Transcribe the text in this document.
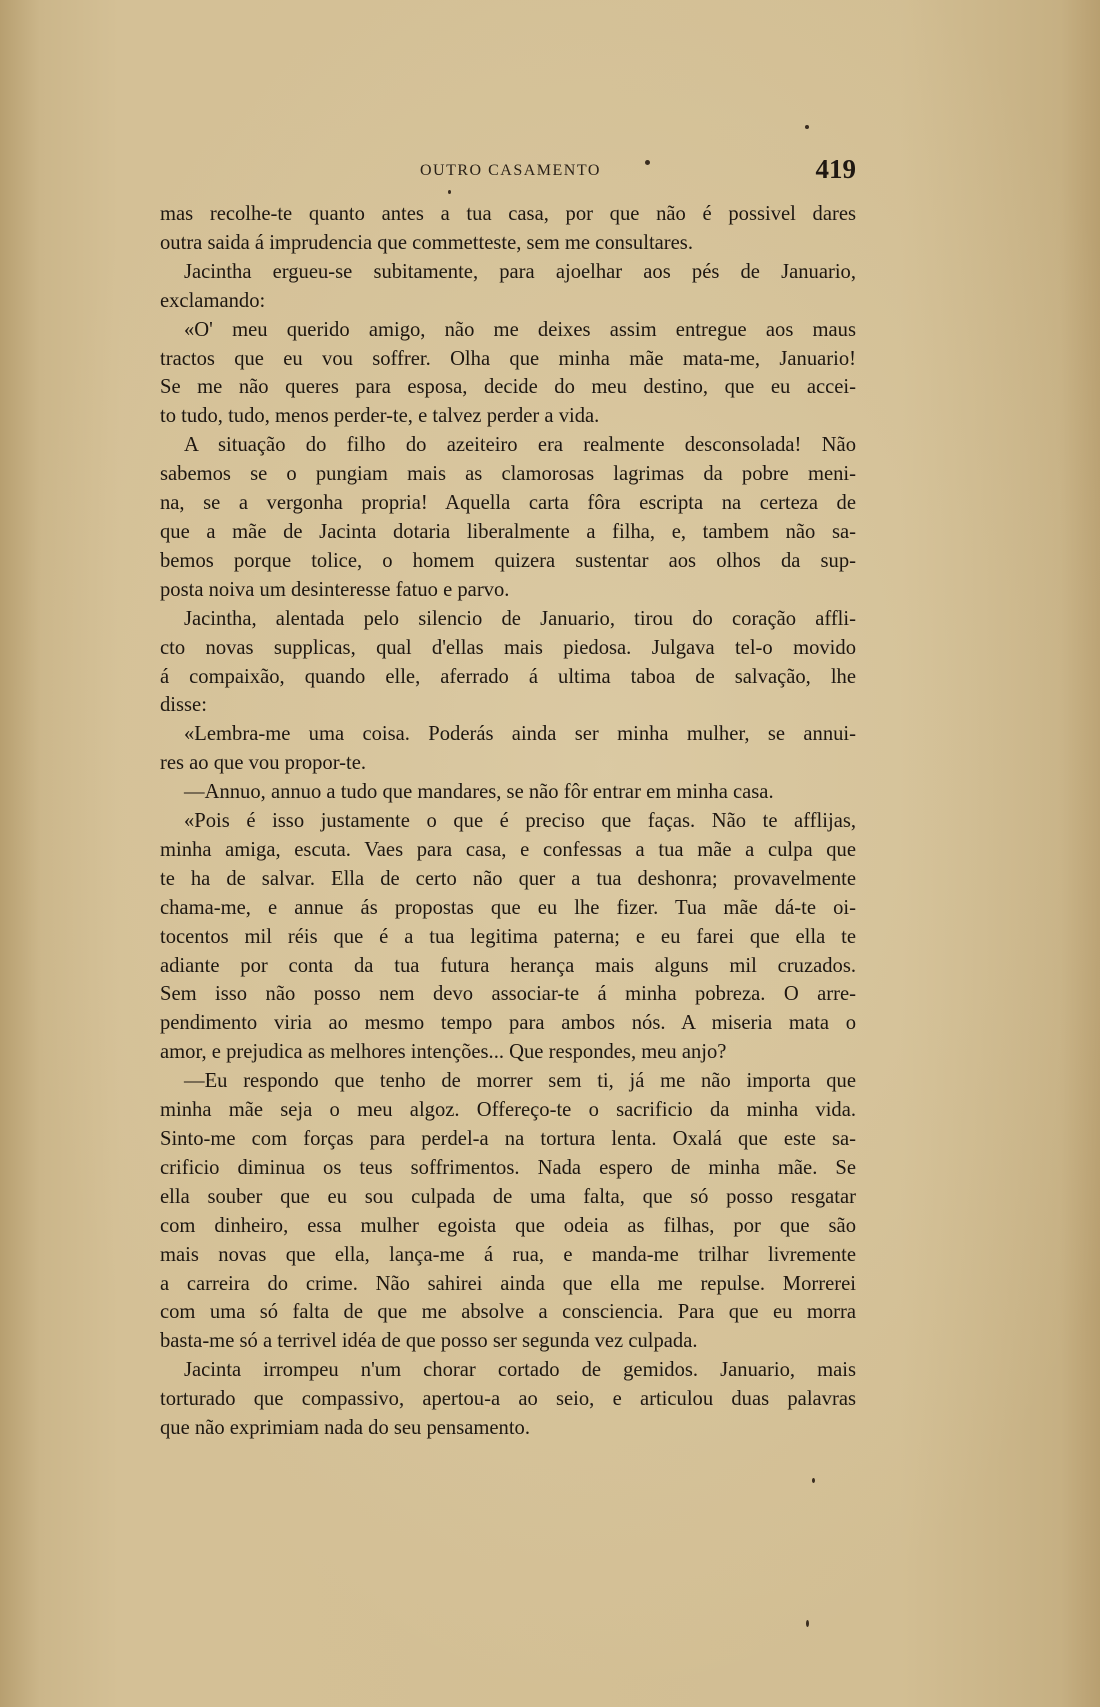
OUTRO CASAMENTO	419
mas recolhe-te quanto antes a tua casa, por que não é possivel dares
outra saida á imprudencia que commetteste, sem me consultares.
Jacintha ergueu-se subitamente, para ajoelhar aos pés de Januario,
exclamando:
«O' meu querido amigo, não me deixes assim entregue aos maus
tractos que eu vou soffrer. Olha que minha mãe mata-me, Januario!
Se me não queres para esposa, decide do meu destino, que eu accei-
to tudo, tudo, menos perder-te, e talvez perder a vida.
A situação do filho do azeiteiro era realmente desconsolada! Não
sabemos se o pungiam mais as clamorosas lagrimas da pobre meni-
na, se a vergonha propria! Aquella carta fôra escripta na certeza de
que a mãe de Jacinta dotaria liberalmente a filha, e, tambem não sa-
bemos porque tolice, o homem quizera sustentar aos olhos da sup-
posta noiva um desinteresse fatuo e parvo.
Jacintha, alentada pelo silencio de Januario, tirou do coração affli-
cto novas supplicas, qual d'ellas mais piedosa. Julgava tel-o movido
á compaixão, quando elle, aferrado á ultima taboa de salvação, lhe
disse:
«Lembra-me uma coisa. Poderás ainda ser minha mulher, se annui-
res ao que vou propor-te.
—Annuo, annuo a tudo que mandares, se não fôr entrar em minha casa.
«Pois é isso justamente o que é preciso que faças. Não te afflijas,
minha amiga, escuta. Vaes para casa, e confessas a tua mãe a culpa que
te ha de salvar. Ella de certo não quer a tua deshonra; provavelmente
chama-me, e annue ás propostas que eu lhe fizer. Tua mãe dá-te oi-
tocentos mil réis que é a tua legitima paterna; e eu farei que ella te
adiante por conta da tua futura herança mais alguns mil cruzados.
Sem isso não posso nem devo associar-te á minha pobreza. O arre-
pendimento viria ao mesmo tempo para ambos nós. A miseria mata o
amor, e prejudica as melhores intenções... Que respondes, meu anjo?
—Eu respondo que tenho de morrer sem ti, já me não importa que
minha mãe seja o meu algoz. Offereço-te o sacrificio da minha vida.
Sinto-me com forças para perdel-a na tortura lenta. Oxalá que este sa-
crificio diminua os teus soffrimentos. Nada espero de minha mãe. Se
ella souber que eu sou culpada de uma falta, que só posso resgatar
com dinheiro, essa mulher egoista que odeia as filhas, por que são
mais novas que ella, lança-me á rua, e manda-me trilhar livremente
a carreira do crime. Não sahirei ainda que ella me repulse. Morrerei
com uma só falta de que me absolve a consciencia. Para que eu morra
basta-me só a terrivel idéa de que posso ser segunda vez culpada.
Jacinta irrompeu n'um chorar cortado de gemidos. Januario, mais
torturado que compassivo, apertou-a ao seio, e articulou duas palavras
que não exprimiam nada do seu pensamento.
